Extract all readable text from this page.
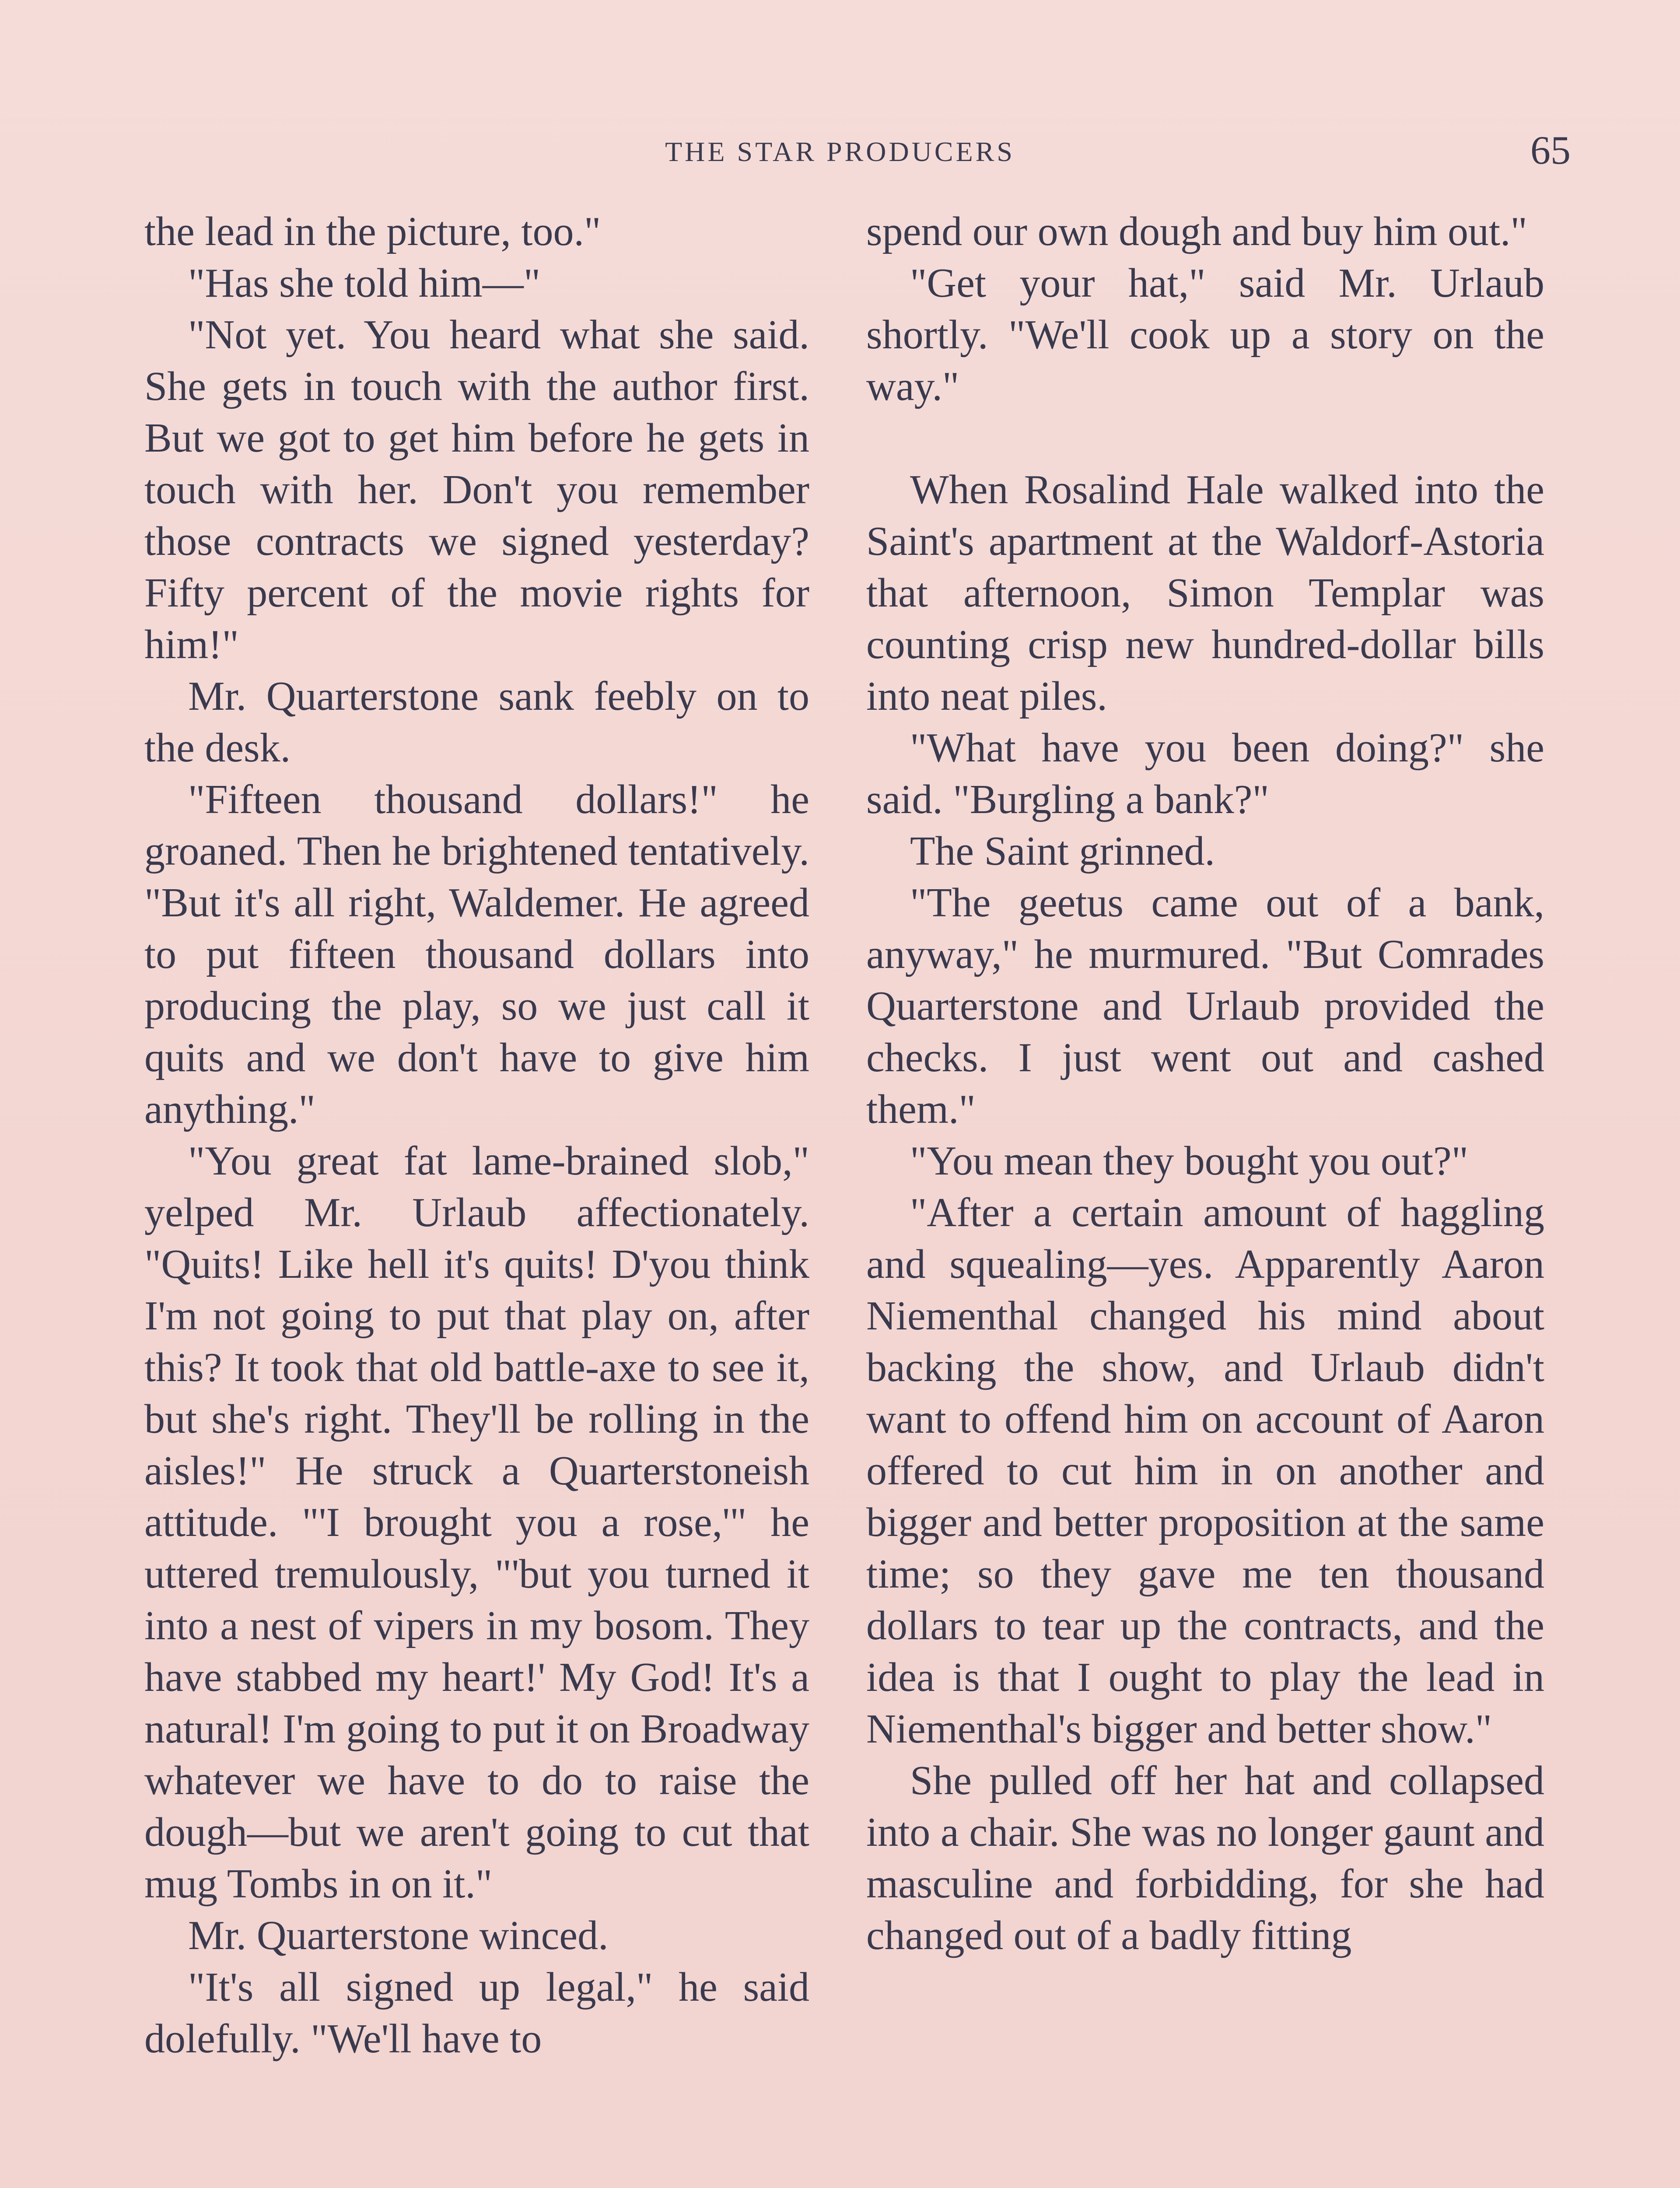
THE STAR PRODUCERS	65

the lead in the picture, too."

"Has she told him—"

"Not yet. You heard what she said. She gets in touch with the author first. But we got to get him before he gets in touch with her. Don't you remember those contracts we signed yesterday? Fifty percent of the movie rights for him!"

Mr. Quarterstone sank feebly on to the desk.

"Fifteen thousand dollars!" he groaned. Then he brightened tentatively. "But it's all right, Waldemer. He agreed to put fifteen thousand dollars into producing the play, so we just call it quits and we don't have to give him anything."

"You great fat lame-brained slob," yelped Mr. Urlaub affectionately. "Quits! Like hell it's quits! D'you think I'm not going to put that play on, after this? It took that old battle-axe to see it, but she's right. They'll be rolling in the aisles!" He struck a Quarterstoneish attitude. "'I brought you a rose,'" he uttered tremulously, "'but you turned it into a nest of vipers in my bosom. They have stabbed my heart!' My God! It's a natural! I'm going to put it on Broadway whatever we have to do to raise the dough—but we aren't going to cut that mug Tombs in on it."

Mr. Quarterstone winced.

"It's all signed up legal," he said dolefully. "We'll have to

spend our own dough and buy him out."

"Get your hat," said Mr. Urlaub shortly. "We'll cook up a story on the way."

When Rosalind Hale walked into the Saint's apartment at the Waldorf-Astoria that afternoon, Simon Templar was counting crisp new hundred-dollar bills into neat piles.

"What have you been doing?" she said. "Burgling a bank?"

The Saint grinned.

"The geetus came out of a bank, anyway," he murmured. "But Comrades Quarterstone and Urlaub provided the checks. I just went out and cashed them."

"You mean they bought you out?"

"After a certain amount of haggling and squealing—yes. Apparently Aaron Niementhal changed his mind about backing the show, and Urlaub didn't want to offend him on account of Aaron offered to cut him in on another and bigger and better proposition at the same time; so they gave me ten thousand dollars to tear up the contracts, and the idea is that I ought to play the lead in Niementhal's bigger and better show."

She pulled off her hat and collapsed into a chair. She was no longer gaunt and masculine and forbidding, for she had changed out of a badly fitting
